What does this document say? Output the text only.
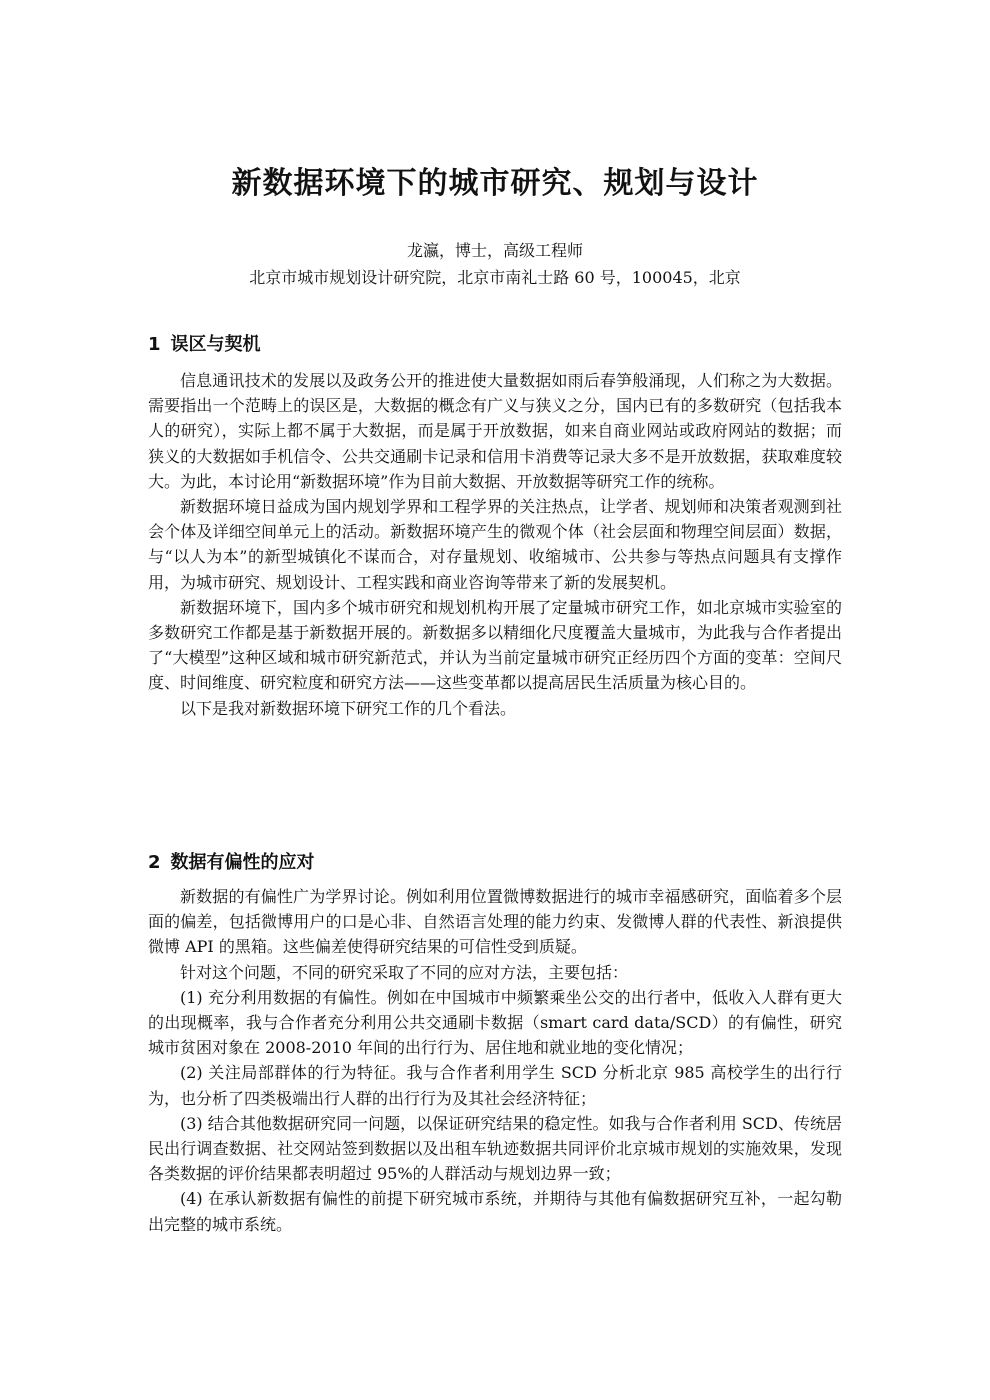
新数据环境下的城市研究、规划与设计

龙瀛，博士，高级工程师

北京市城市规划设计研究院，北京市南礼士路 60 号，100045，北京

1 误区与契机

信息通讯技术的发展以及政务公开的推进使大量数据如雨后春笋般涌现，人们称之为大数据。需要指出一个范畴上的误区是，大数据的概念有广义与狭义之分，国内已有的多数研究（包括我本人的研究），实际上都不属于大数据，而是属于开放数据，如来自商业网站或政府网站的数据；而狭义的大数据如手机信令、公共交通刷卡记录和信用卡消费等记录大多不是开放数据，获取难度较大。为此，本讨论用“新数据环境”作为目前大数据、开放数据等研究工作的统称。

新数据环境日益成为国内规划学界和工程学界的关注热点，让学者、规划师和决策者观测到社会个体及详细空间单元上的活动。新数据环境产生的微观个体（社会层面和物理空间层面）数据，与“以人为本”的新型城镇化不谋而合，对存量规划、收缩城市、公共参与等热点问题具有支撑作用，为城市研究、规划设计、工程实践和商业咨询等带来了新的发展契机。

新数据环境下，国内多个城市研究和规划机构开展了定量城市研究工作，如北京城市实验室的多数研究工作都是基于新数据开展的。新数据多以精细化尺度覆盖大量城市，为此我与合作者提出了“大模型”这种区域和城市研究新范式，并认为当前定量城市研究正经历四个方面的变革：空间尺度、时间维度、研究粒度和研究方法——这些变革都以提高居民生活质量为核心目的。

以下是我对新数据环境下研究工作的几个看法。

2 数据有偏性的应对

新数据的有偏性广为学界讨论。例如利用位置微博数据进行的城市幸福感研究，面临着多个层面的偏差，包括微博用户的口是心非、自然语言处理的能力约束、发微博人群的代表性、新浪提供微博 API 的黑箱。这些偏差使得研究结果的可信性受到质疑。

针对这个问题，不同的研究采取了不同的应对方法，主要包括：

(1) 充分利用数据的有偏性。例如在中国城市中频繁乘坐公交的出行者中，低收入人群有更大的出现概率，我与合作者充分利用公共交通刷卡数据（smart card data/SCD）的有偏性，研究城市贫困对象在 2008-2010 年间的出行行为、居住地和就业地的变化情况；

(2) 关注局部群体的行为特征。我与合作者利用学生 SCD 分析北京 985 高校学生的出行行为，也分析了四类极端出行人群的出行行为及其社会经济特征；

(3) 结合其他数据研究同一问题，以保证研究结果的稳定性。如我与合作者利用 SCD、传统居民出行调查数据、社交网站签到数据以及出租车轨迹数据共同评价北京城市规划的实施效果，发现各类数据的评价结果都表明超过 95%的人群活动与规划边界一致；

(4) 在承认新数据有偏性的前提下研究城市系统，并期待与其他有偏数据研究互补，一起勾勒出完整的城市系统。
